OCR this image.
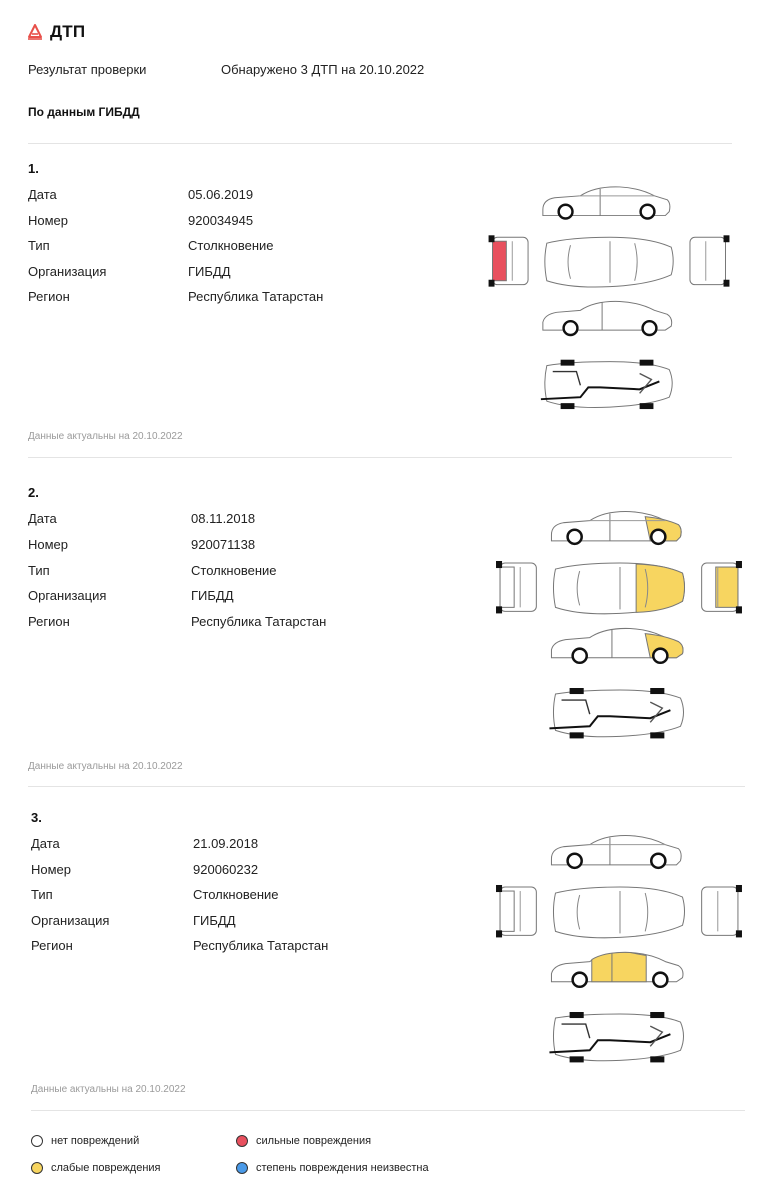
ДТП
Результат проверки	Обнаружено 3 ДТП на 20.10.2022
По данным ГИБДД
1.
Дата	05.06.2019
Номер	920034945
Тип	Столкновение
Организация	ГИБДД
Регион	Республика Татарстан
Данные актуальны на 20.10.2022
2.
Дата	08.11.2018
Номер	920071138
Тип	Столкновение
Организация	ГИБДД
Регион	Республика Татарстан
Данные актуальны на 20.10.2022
3.
Дата	21.09.2018
Номер	920060232
Тип	Столкновение
Организация	ГИБДД
Регион	Республика Татарстан
Данные актуальны на 20.10.2022
нет повреждений	сильные повреждения
слабые повреждения	степень повреждения неизвестна
